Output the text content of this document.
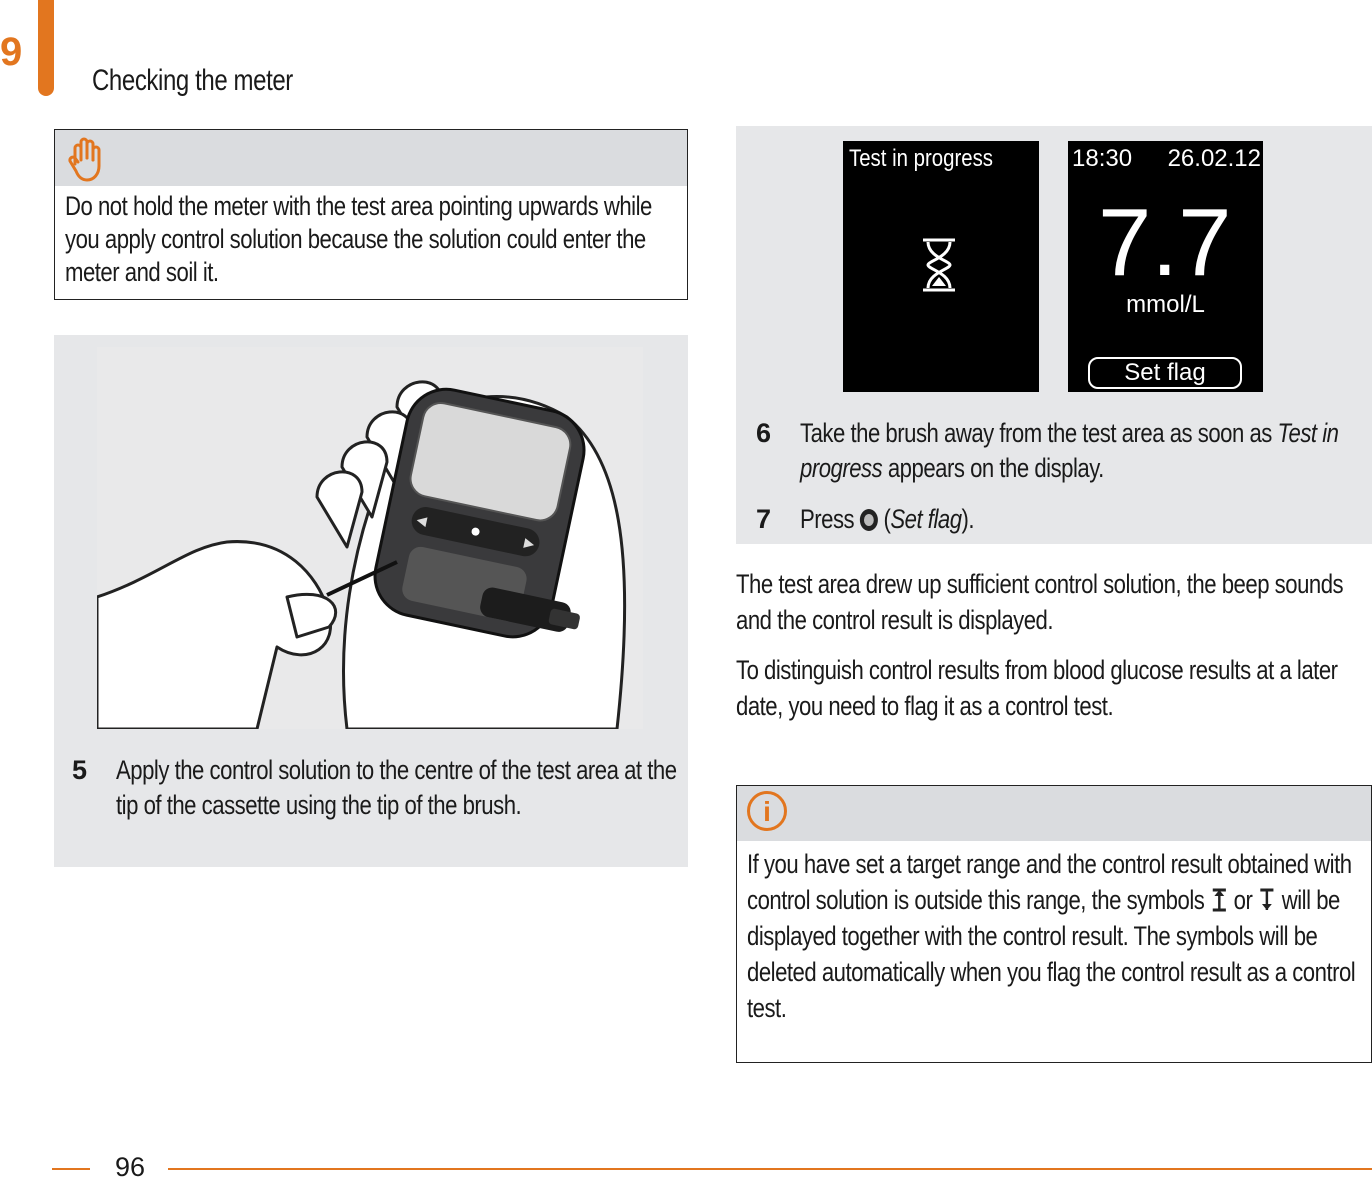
9
Checking the meter
Do not hold the meter with the test area pointing upwards while you apply control solution because the solution could enter the meter and soil it.
5 Apply the control solution to the centre of the test area at the tip of the cassette using the tip of the brush.
Test in progress	18:30 26.02.12
7.7
mmol/L
Set flag
6 Take the brush away from the test area as soon as Test in progress appears on the display.
7 Press
(Set flag).
The test area drew up sufficient control solution, the beep sounds and the control result is displayed.
To distinguish control results from blood glucose results at a later date, you need to flag it as a control test.
i
If you have set a target range and the control result obtained with control solution is outside this range, the symbols  or  will be displayed together with the control result. The symbols will be deleted automatically when you flag the control result as a control test.
96
